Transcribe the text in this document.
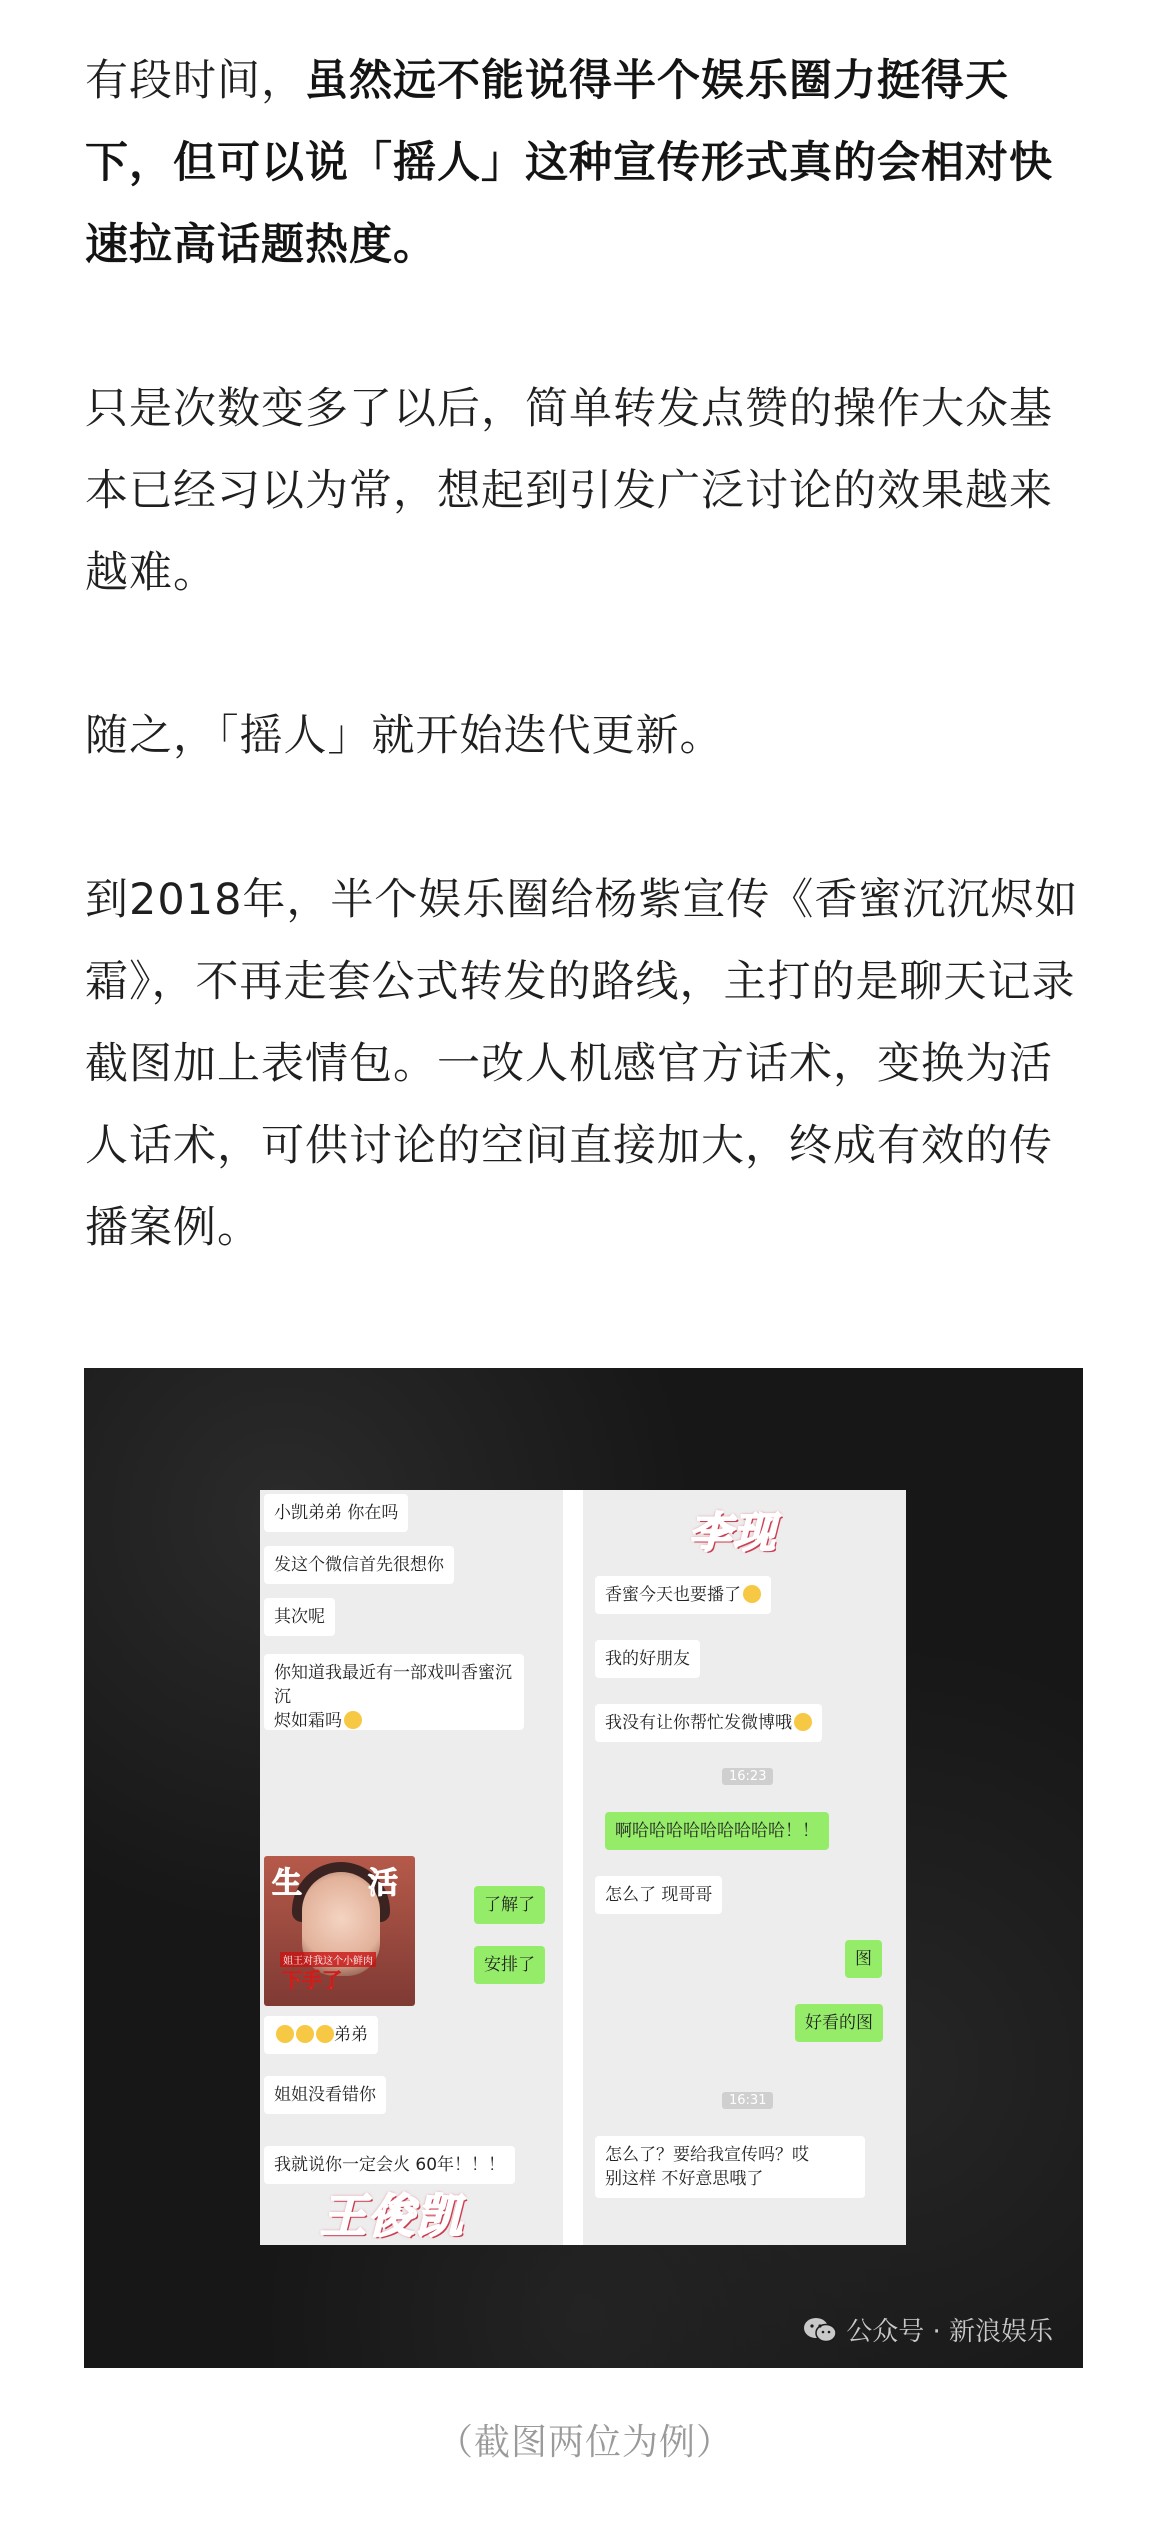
有段时间，虽然远不能说得半个娱乐圈力挺得天下，但可以说「摇人」这种宣传形式真的会相对快速拉高话题热度。

只是次数变多了以后，简单转发点赞的操作大众基本已经习以为常，想起到引发广泛讨论的效果越来越难。

随之，「摇人」就开始迭代更新。

到2018年，半个娱乐圈给杨紫宣传《香蜜沉沉烬如霜》，不再走套公式转发的路线，主打的是聊天记录截图加上表情包。一改人机感官方话术，变换为活人话术，可供讨论的空间直接加大，终成有效的传播案例。

小凯弟弟 你在吗
发这个微信首先很想你
其次呢
你知道我最近有一部戏叫香蜜沉沉
烬如霜吗
生 活
姐王对我这个小鲜肉
下手了
了解了
安排了
弟弟
姐姐没看错你
我就说你一定会火 60年！！！
王俊凯
李现
香蜜今天也要播了
我的好朋友
我没有让你帮忙发微博哦
16:23
啊哈哈哈哈哈哈哈哈哈！！
怎么了 现哥哥
图
好看的图
16:31
怎么了？要给我宣传吗？哎
别这样 不好意思哦了
公众号 · 新浪娱乐
（截图两位为例）
